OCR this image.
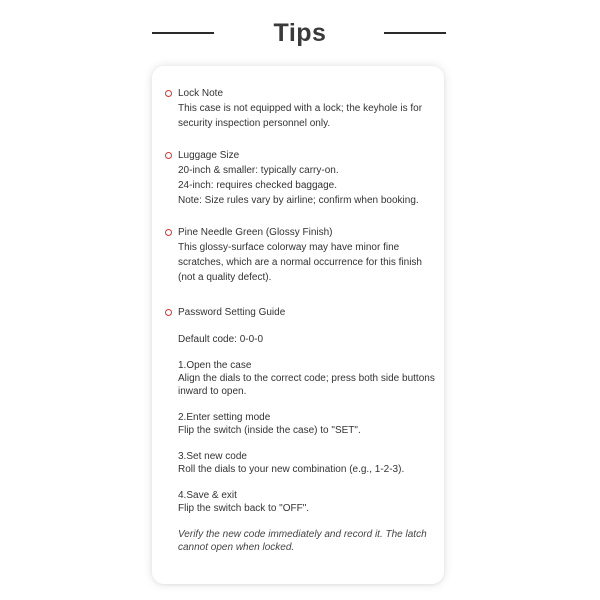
Tips
Lock Note
This case is not equipped with a lock; the keyhole is for
security inspection personnel only.
Luggage Size
20-inch & smaller: typically carry-on.
24-inch: requires checked baggage.
Note: Size rules vary by airline; confirm when booking.
Pine Needle Green (Glossy Finish)
This glossy-surface colorway may have minor fine
scratches, which are a normal occurrence for this finish
(not a quality defect).
Password Setting Guide
Default code: 0-0-0
1.Open the case
Align the dials to the correct code; press both side buttons
inward to open.
2.Enter setting mode
Flip the switch (inside the case) to "SET".
3.Set new code
Roll the dials to your new combination (e.g., 1-2-3).
4.Save & exit
Flip the switch back to "OFF".
Verify the new code immediately and record it. The latch
cannot open when locked.
